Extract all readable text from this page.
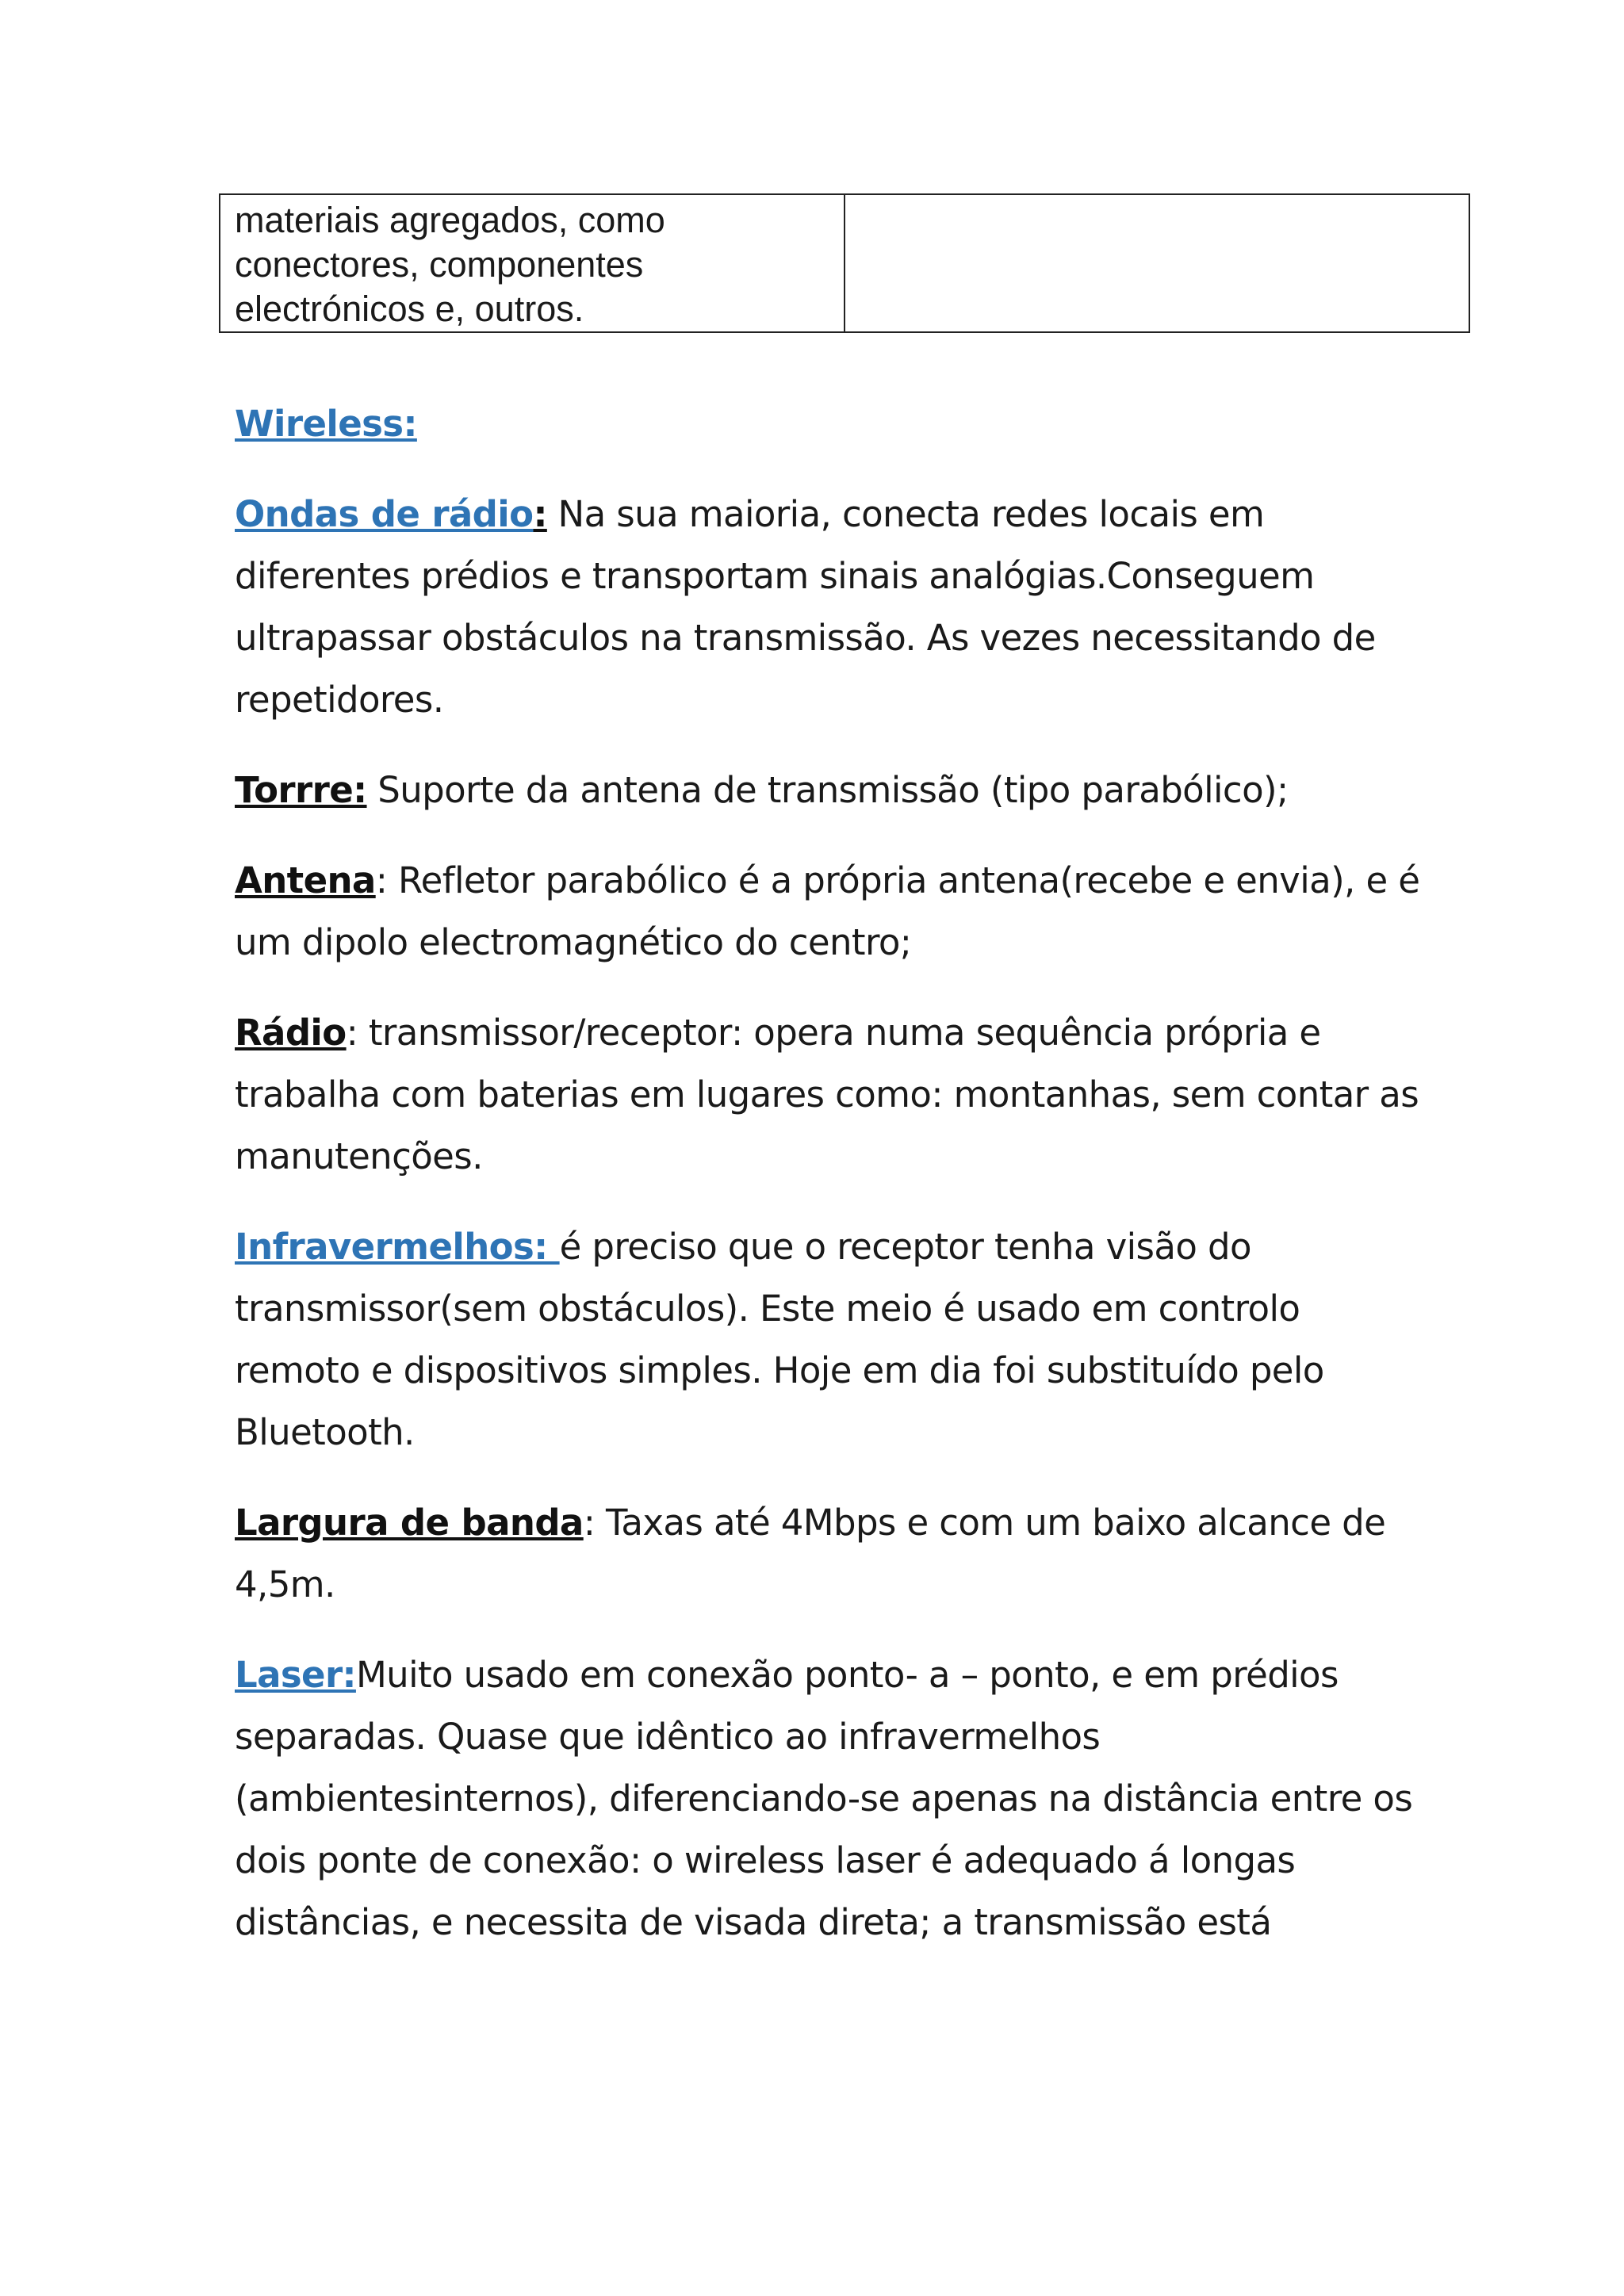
materiais agregados, como conectores, componentes electrónicos e, outros.	

Wireless:

Ondas de rádio: Na sua maioria, conecta redes locais em diferentes prédios e transportam sinais analógias.Conseguem ultrapassar obstáculos na transmissão. As vezes necessitando de repetidores.

Torrre: Suporte da antena de transmissão (tipo parabólico);

Antena: Refletor parabólico é a própria antena(recebe e envia), e é um dipolo electromagnético do centro;

Rádio: transmissor/receptor: opera numa sequência própria e trabalha com baterias em lugares como: montanhas, sem contar as manutenções.

Infravermelhos: é preciso que o receptor tenha visão do transmissor(sem obstáculos). Este meio é usado em controlo remoto e dispositivos simples. Hoje em dia foi substituído pelo Bluetooth.

Largura de banda: Taxas até 4Mbps e com um baixo alcance de 4,5m.

Laser:Muito usado em conexão ponto- a – ponto, e em prédios separadas. Quase que idêntico ao infravermelhos (ambientesinternos), diferenciando-se apenas na distância entre os dois ponte de conexão: o wireless laser é adequado á longas distâncias, e necessita de visada direta; a transmissão está
